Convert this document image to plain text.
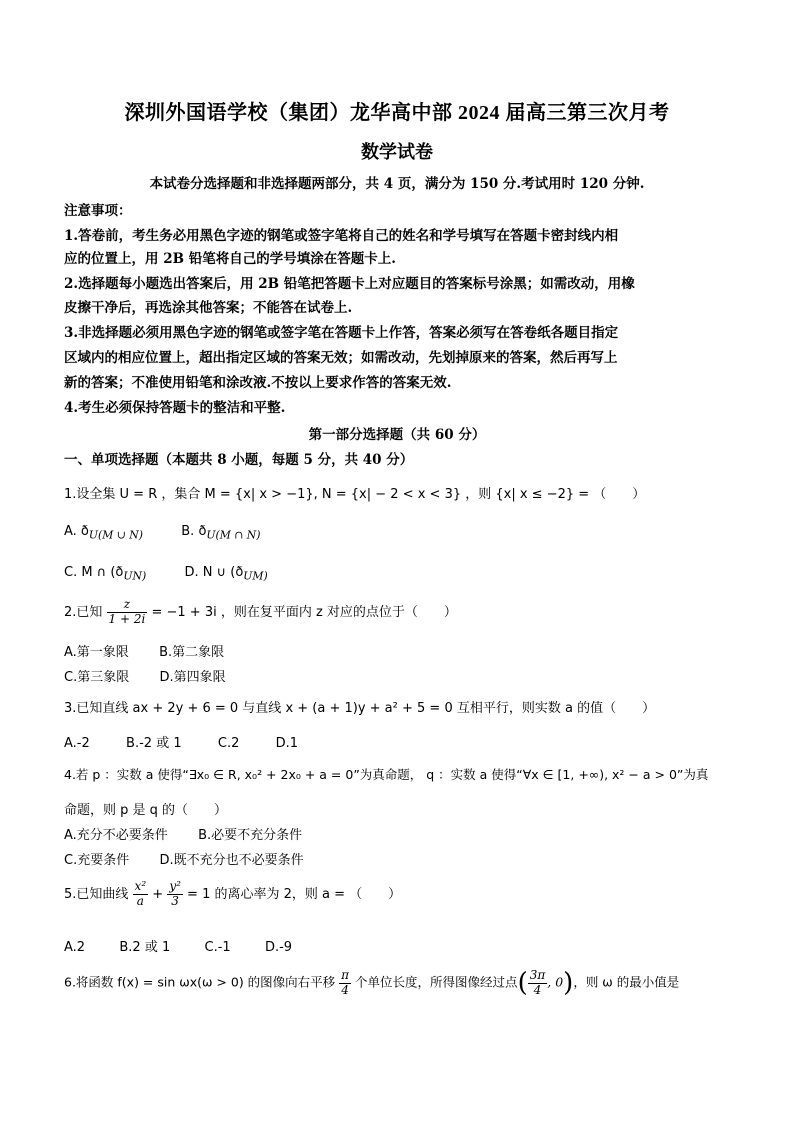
深圳外国语学校（集团）龙华高中部 2024 届高三第三次月考
数学试卷
本试卷分选择题和非选择题两部分，共 4 页，满分为 150 分.考试用时 120 分钟.
注意事项：
1.答卷前，考生务必用黑色字迹的钢笔或签字笔将自己的姓名和学号填写在答题卡密封线内相
应的位置上，用 2B 铅笔将自己的学号填涂在答题卡上.
2.选择题每小题选出答案后，用 2B 铅笔把答题卡上对应题目的答案标号涂黑；如需改动，用橡
皮擦干净后，再选涂其他答案；不能答在试卷上.
3.非选择题必须用黑色字迹的钢笔或签字笔在答题卡上作答，答案必须写在答卷纸各题目指定
区域内的相应位置上，超出指定区域的答案无效；如需改动，先划掉原来的答案，然后再写上
新的答案；不准使用铅笔和涂改液.不按以上要求作答的答案无效.
4.考生必须保持答题卡的整洁和平整.
第一部分选择题（共 60 分）
一、单项选择题（本题共 8 小题，每题 5 分，共 40 分）
1.设全集 U = R ，集合 M = {x| x > −1}, N = {x| − 2 < x < 3} ，则 {x| x ≤ −2} = （　　）
A. $ð_{U(M \cup N)}$	B. $ð_{U(M \cap N)}$
C. M ∩ ($ð_{UN)}$	D. N ∪ ($ð_{UM)}$
2.已知 $\frac{z}{1 + 2i} = -1 + 3i$ ，则在复平面内 z 对应的点位于（　　）
A.第一象限 B.第二象限
C.第三象限 D.第四象限
3.已知直线 ax + 2y + 6 = 0 与直线 x + (a + 1)y + a² + 5 = 0 互相平行，则实数 a 的值（　　）
A.-2	B.-2 或 1	C.2	D.1
4.若 p ：实数 a 使得“∃x₀ ∈ R, x₀² + 2x₀ + a = 0”为真命题， q ：实数 a 使得“∀x ∈ [1, +∞), x² − a > 0”为真
命题，则 p 是 q 的（　　）
A.充分不必要条件 B.必要不充分条件
C.充要条件 D.既不充分也不必要条件
5.已知曲线 $\frac{\text{x²}}{a} + \frac{\text{y²}}{3} = 1$ 的离心率为 2，则 a = （　　）
A.2	B.2 或 1	C.-1	D.-9
6.将函数 f(x) = sin ωx(ω > 0) 的图像向右平移 $\frac{\pi}{4}$ 个单位长度，所得图像经过点( $\frac{3\pi}{4}$ , 0)，则 ω 的最小值是
